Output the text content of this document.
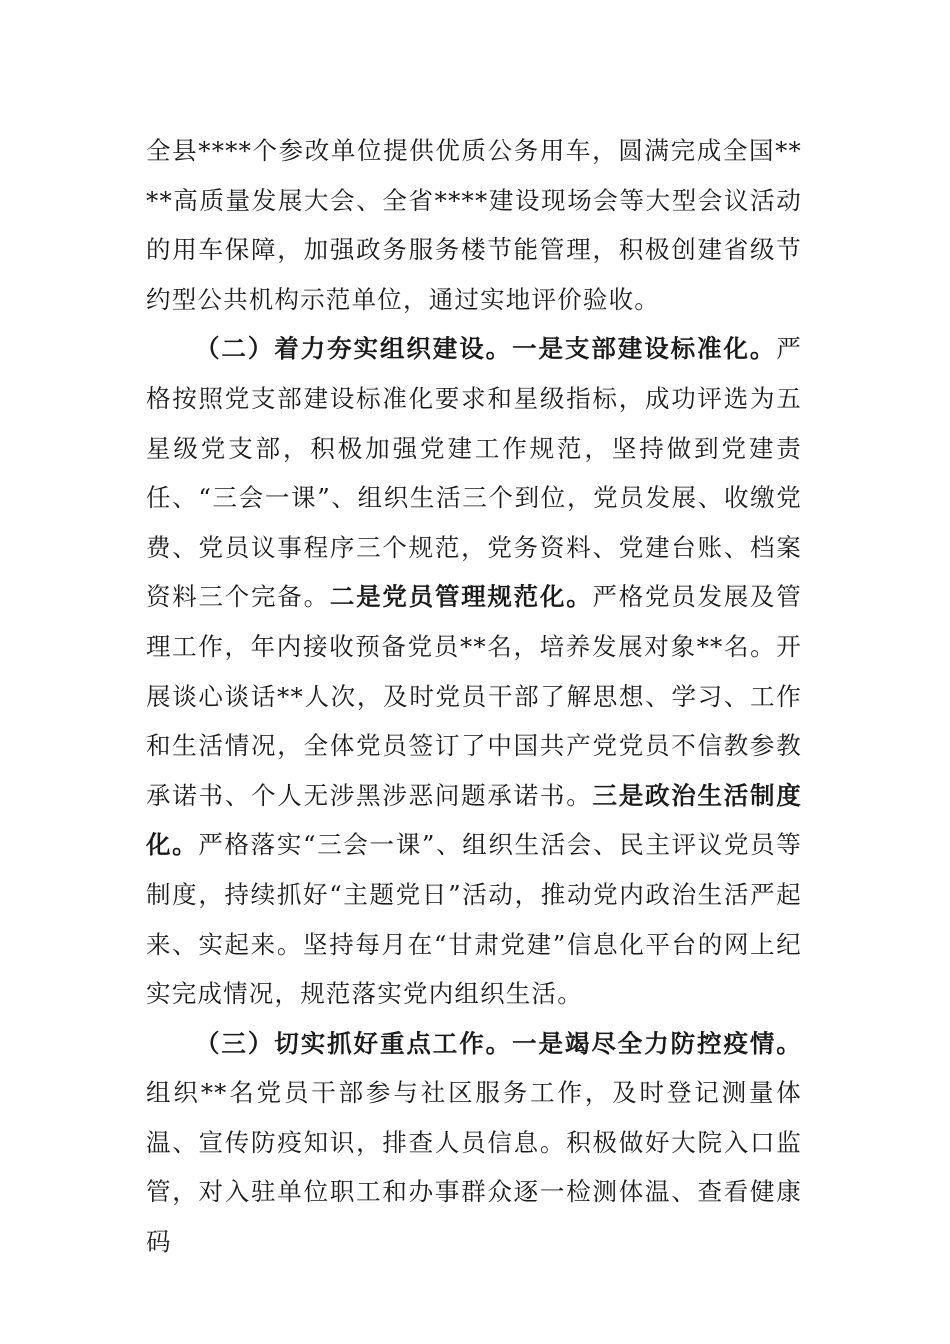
全县****个参改单位提供优质公务用车，圆满完成全国****高质量发展大会、全省****建设现场会等大型会议活动的用车保障，加强政务服务楼节能管理，积极创建省级节约型公共机构示范单位，通过实地评价验收。

（二）着力夯实组织建设。一是支部建设标准化。严格按照党支部建设标准化要求和星级指标，成功评选为五星级党支部，积极加强党建工作规范，坚持做到党建责任、“三会一课”、组织生活三个到位，党员发展、收缴党费、党员议事程序三个规范，党务资料、党建台账、档案资料三个完备。二是党员管理规范化。严格党员发展及管理工作，年内接收预备党员**名，培养发展对象**名。开展谈心谈话**人次，及时党员干部了解思想、学习、工作和生活情况，全体党员签订了中国共产党党员不信教参教承诺书、个人无涉黑涉恶问题承诺书。三是政治生活制度化。严格落实“三会一课”、组织生活会、民主评议党员等制度，持续抓好“主题党日”活动，推动党内政治生活严起来、实起来。坚持每月在“甘肃党建”信息化平台的网上纪实完成情况，规范落实党内组织生活。

（三）切实抓好重点工作。一是竭尽全力防控疫情。组织**名党员干部参与社区服务工作，及时登记测量体温、宣传防疫知识，排查人员信息。积极做好大院入口监管，对入驻单位职工和办事群众逐一检测体温、查看健康码
